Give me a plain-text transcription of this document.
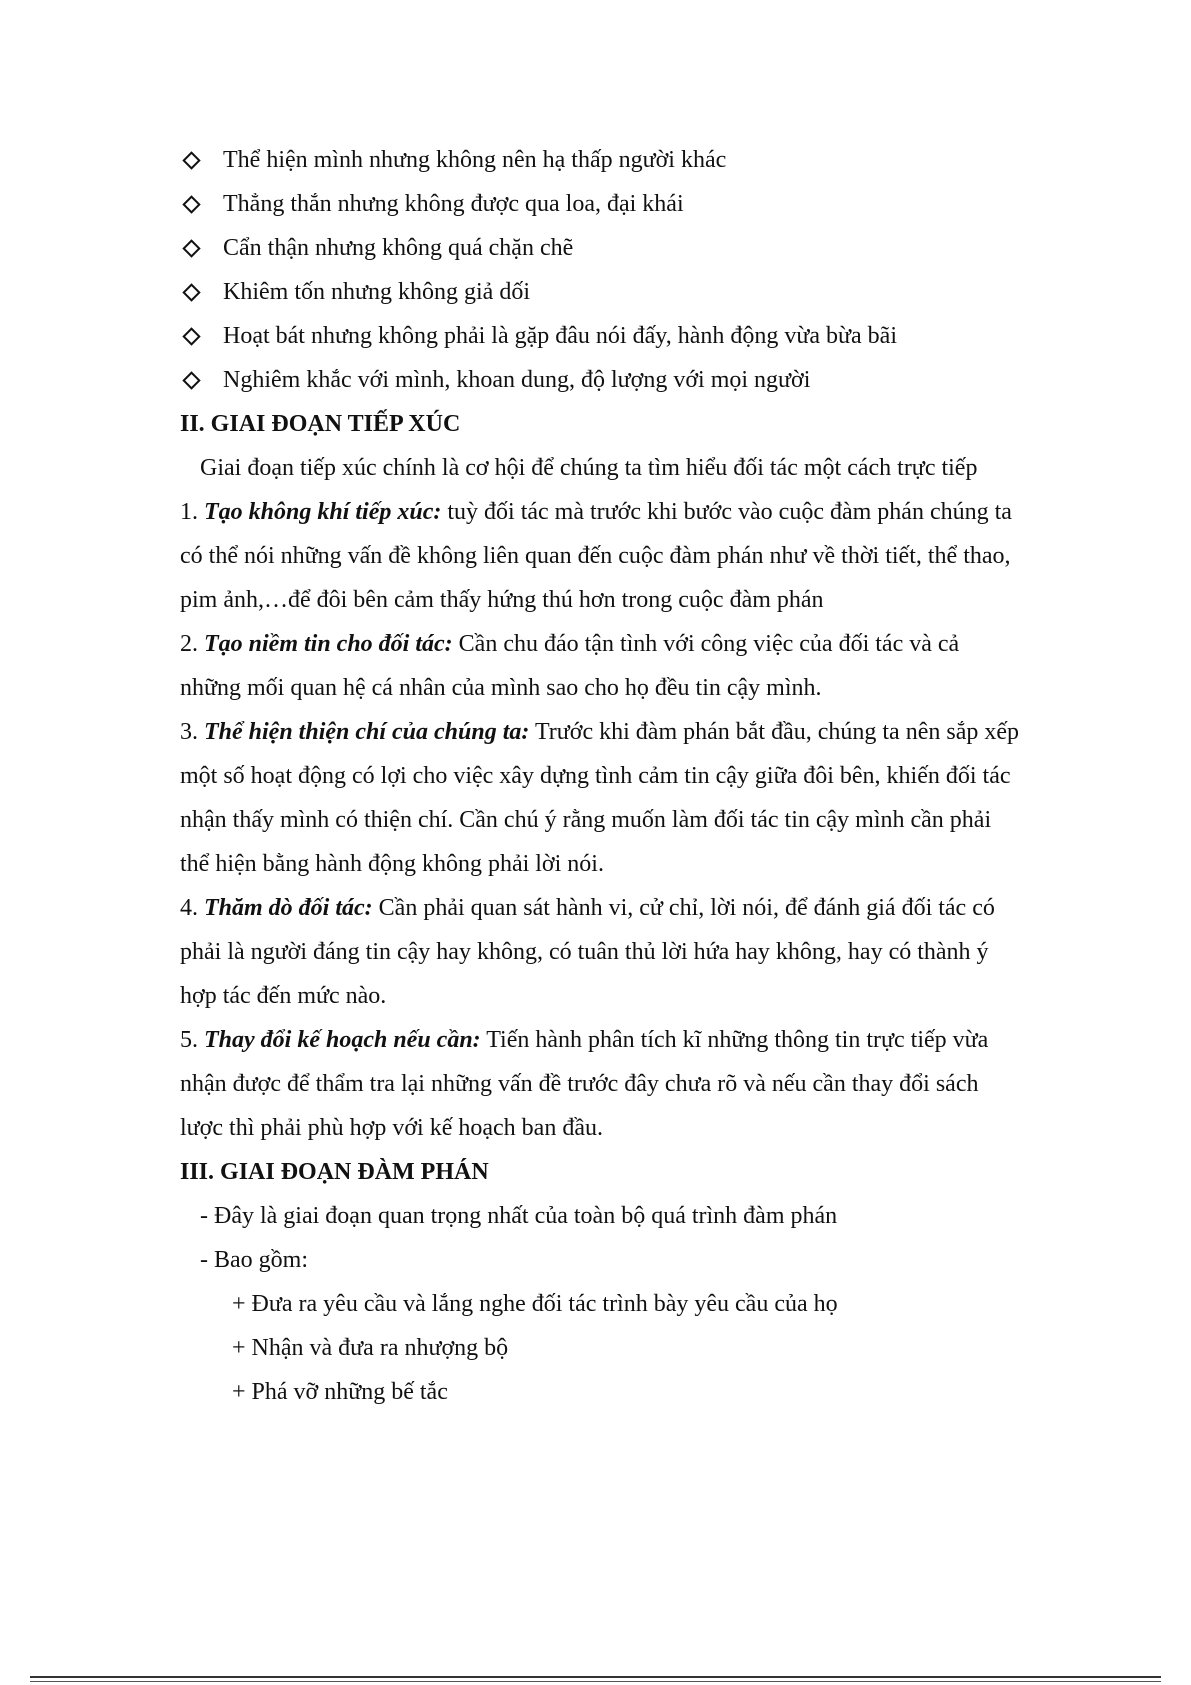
Thể hiện mình nhưng không nên hạ thấp người khác
Thẳng thắn nhưng không được qua loa, đại khái
Cẩn thận nhưng không quá chặn chẽ
Khiêm tốn nhưng không giả dối
Hoạt bát nhưng không phải là gặp đâu nói đấy, hành động vừa bừa bãi
Nghiêm khắc với mình, khoan dung, độ lượng với mọi người

II. GIAI ĐOẠN TIẾP XÚC

Giai đoạn tiếp xúc chính là cơ hội để chúng ta tìm hiểu đối tác một cách trực tiếp

1. Tạo không khí tiếp xúc: tuỳ đối tác mà trước khi bước vào cuộc đàm phán chúng ta có thể nói những vấn đề không liên quan đến cuộc đàm phán như về thời tiết, thể thao, pim ảnh,…để đôi bên cảm thấy hứng thú hơn trong cuộc đàm phán

2. Tạo niềm tin cho đối tác: Cần chu đáo tận tình với công việc của đối tác và cả những mối quan hệ cá nhân của mình sao cho họ đều tin cậy mình.

3. Thể hiện thiện chí của chúng ta: Trước khi đàm phán bắt đầu, chúng ta nên sắp xếp một số hoạt động có lợi cho việc xây dựng tình cảm tin cậy giữa đôi bên, khiến đối tác nhận thấy mình có thiện chí. Cần chú ý rằng muốn làm đối tác tin cậy mình cần phải thể hiện bằng hành động không phải lời nói.

4. Thăm dò đối tác: Cần phải quan sát hành vi, cử chỉ, lời nói, để đánh giá đối tác có phải là người đáng tin cậy hay không, có tuân thủ lời hứa hay không, hay có thành ý hợp tác đến mức nào.

5. Thay đổi kế hoạch nếu cần: Tiến hành phân tích kĩ những thông tin trực tiếp vừa nhận được để thẩm tra lại những vấn đề trước đây chưa rõ và nếu cần thay đổi sách lược thì phải phù hợp với kế hoạch ban đầu.

III. GIAI ĐOẠN ĐÀM PHÁN

- Đây là giai đoạn quan trọng nhất của toàn bộ quá trình đàm phán

- Bao gồm:

+ Đưa ra yêu cầu và lắng nghe đối tác trình bày yêu cầu của họ

+ Nhận và đưa ra nhượng bộ

+ Phá vỡ những bế tắc
